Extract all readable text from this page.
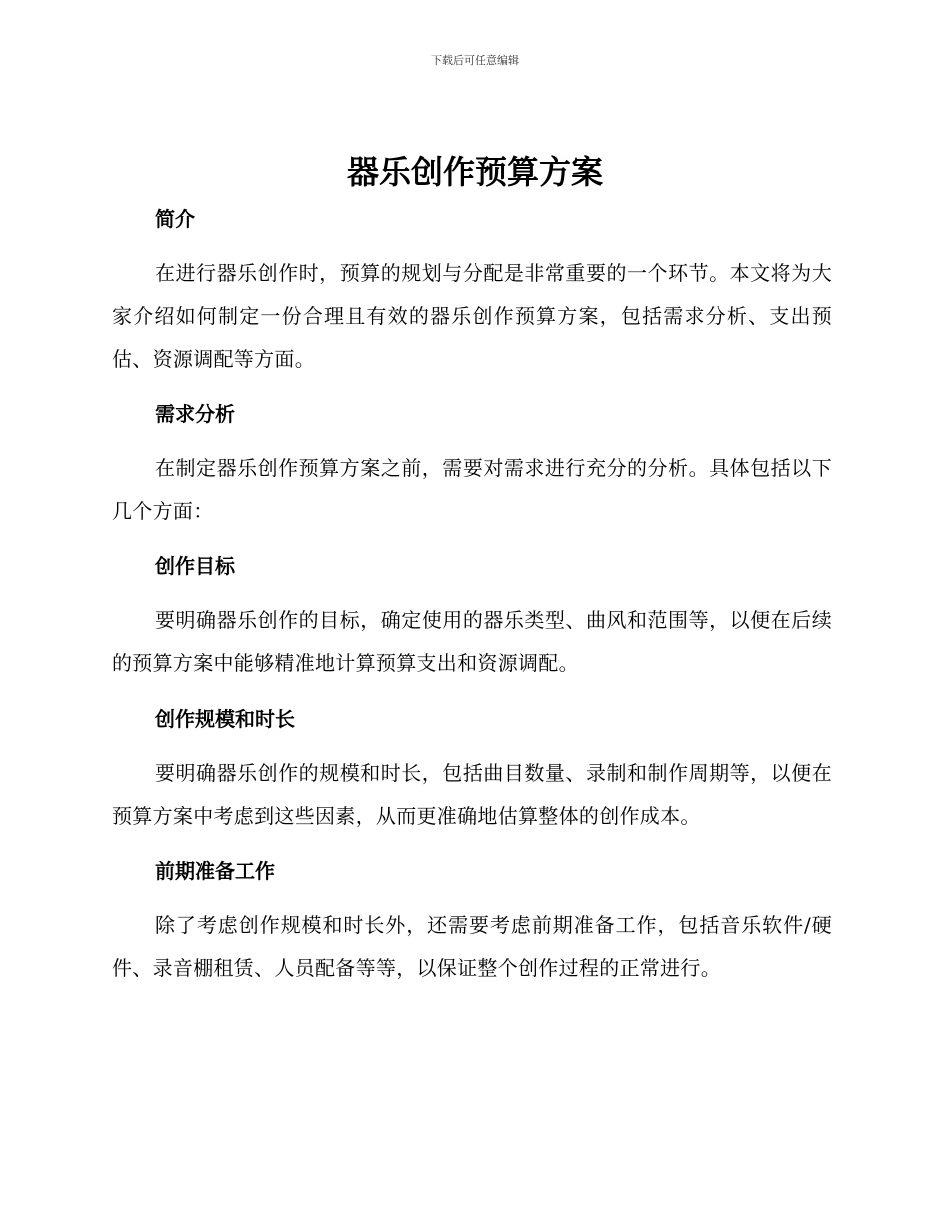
下载后可任意编辑
器乐创作预算方案
简介

在进行器乐创作时，预算的规划与分配是非常重要的一个环节。本文将为大家介绍如何制定一份合理且有效的器乐创作预算方案，包括需求分析、支出预估、资源调配等方面。

需求分析

在制定器乐创作预算方案之前，需要对需求进行充分的分析。具体包括以下几个方面：

创作目标

要明确器乐创作的目标，确定使用的器乐类型、曲风和范围等，以便在后续的预算方案中能够精准地计算预算支出和资源调配。

创作规模和时长

要明确器乐创作的规模和时长，包括曲目数量、录制和制作周期等，以便在预算方案中考虑到这些因素，从而更准确地估算整体的创作成本。

前期准备工作

除了考虑创作规模和时长外，还需要考虑前期准备工作，包括音乐软件/硬件、录音棚租赁、人员配备等等，以保证整个创作过程的正常进行。
